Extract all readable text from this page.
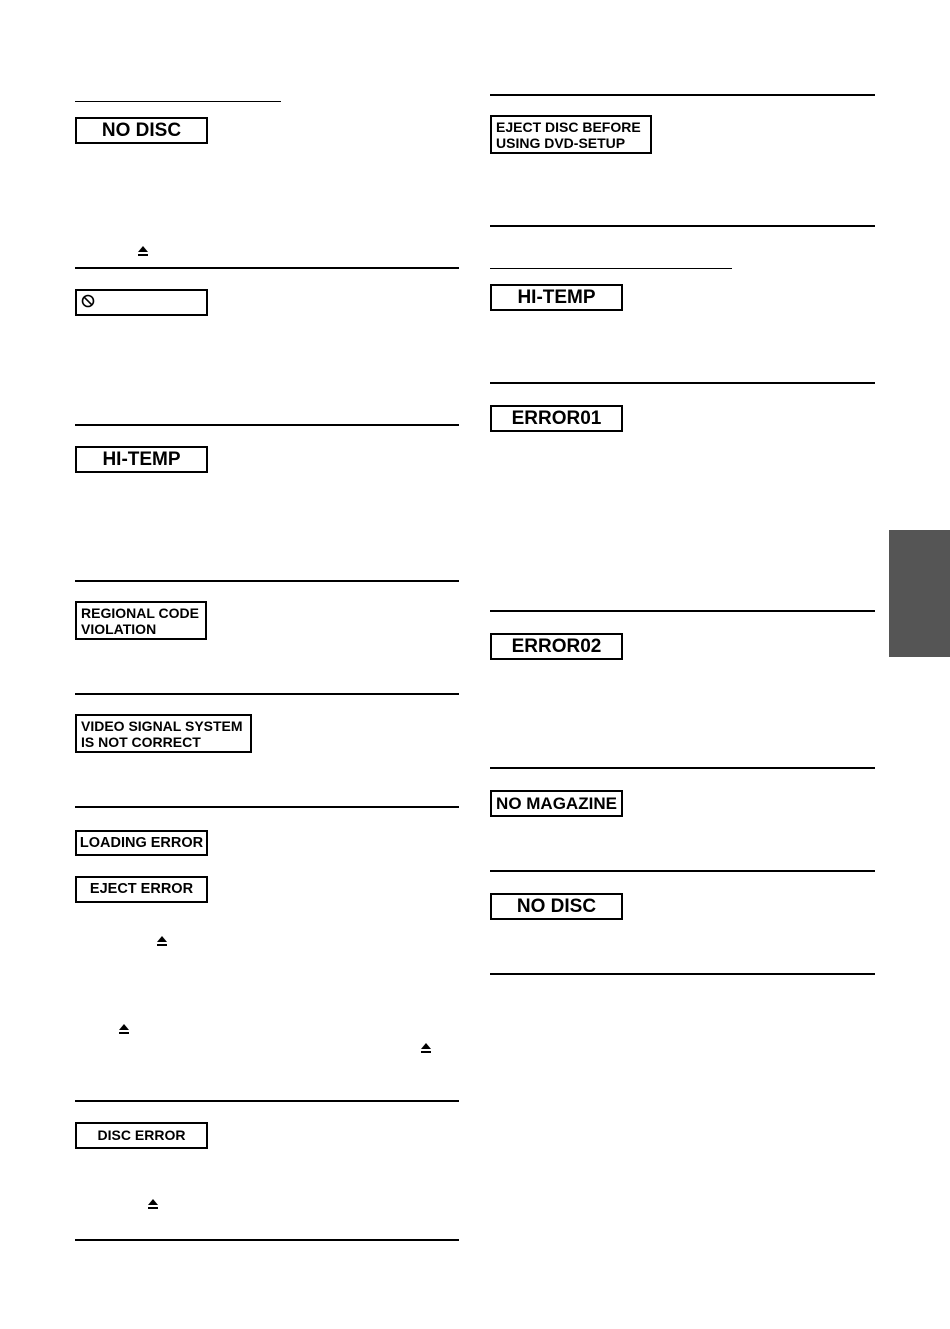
NO DISC
HI-TEMP
REGIONAL CODE
VIOLATION
VIDEO SIGNAL SYSTEM
IS NOT CORRECT
LOADING ERROR
EJECT ERROR
DISC ERROR
EJECT DISC BEFORE
USING DVD-SETUP
HI-TEMP
ERROR01
ERROR02
NO MAGAZINE
NO DISC
